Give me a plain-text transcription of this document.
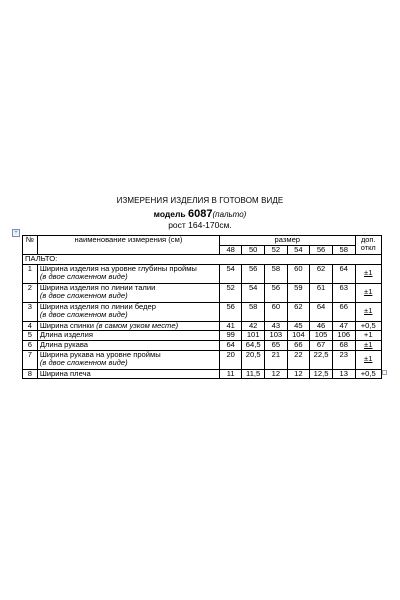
ИЗМЕРЕНИЯ ИЗДЕЛИЯ В ГОТОВОМ ВИДЕ
модель 6087(пальто)
рост 164-170см.
+
№	наименование измерения (см)	размер						доп.
откл
		48	50	52	54	56	58	
ПАЛЬТО:								
1	Ширина изделия на уровне глубины проймы
(в двое сложенном виде)	54	56	58	60	62	64	±1
2	Ширина изделия по линии талии
(в двое сложенном виде)	52	54	56	59	61	63	±1
3	Ширина изделия по линии бедер
(в двое сложенном виде)	56	58	60	62	64	66	±1
4	Ширина спинки (в самом узком месте)	41	42	43	45	46	47	+0,5
5	Длина изделия	99	101	103	104	105	106	+1
6	Длина рукава	64	64,5	65	66	67	68	±1
7	Ширина рукава на уровне проймы
(в двое сложенном виде)	20	20,5	21	22	22,5	23	±1
8	Ширина плеча	11	11,5	12	12	12,5	13	+0,5
